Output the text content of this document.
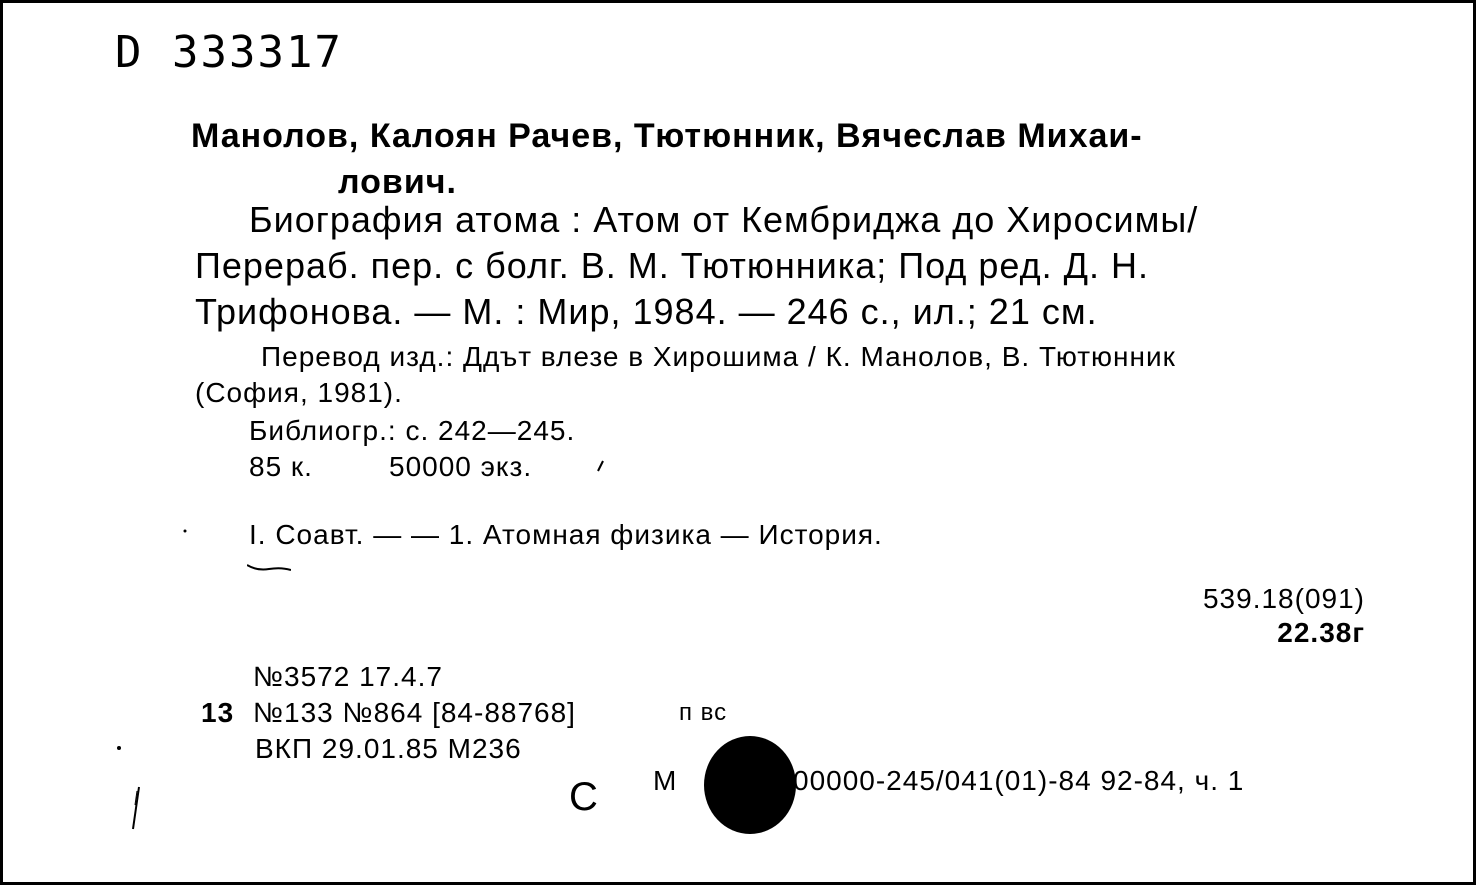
D 333317
Манолов, Калоян Рачев, Тютюнник, Вячеслав Михаи-
лович.
Биография атома : Атом от Кембриджа до Хиросимы/
Перераб. пер. с болг. В. М. Тютюнника; Под ред. Д. Н.
Трифонова. — М. : Мир, 1984. — 246 с., ил.; 21 см.
Перевод изд.: Ддът влезе в Хирошима / К. Манолов, В. Тютюнник
(София, 1981).
Библиогр.: с. 242—245.
85 к.	50000 экз.
I. Соавт. — — 1. Атомная физика — История.
539.18(091)
22.38г
№3572 17.4.7
13 №133 №864 [84-88768]	п вс
ВКП 29.01.85 М236
С М	00000-245/041(01)-84 92-84, ч. 1
